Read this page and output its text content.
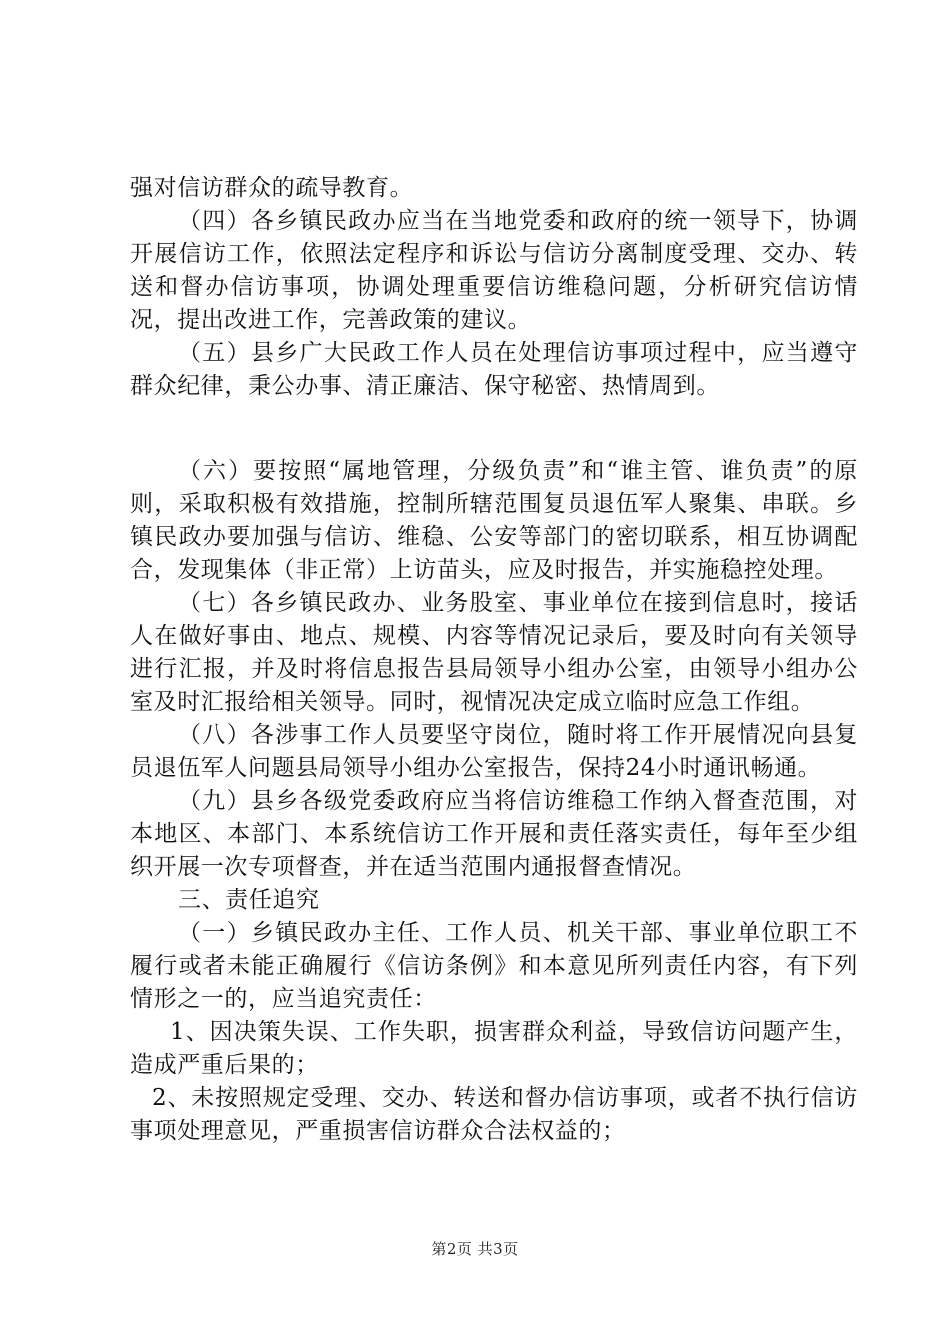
强对信访群众的疏导教育。

（四）各乡镇民政办应当在当地党委和政府的统一领导下，协调开展信访工作，依照法定程序和诉讼与信访分离制度受理、交办、转送和督办信访事项，协调处理重要信访维稳问题，分析研究信访情况，提出改进工作，完善政策的建议。

（五）县乡广大民政工作人员在处理信访事项过程中，应当遵守群众纪律，秉公办事、清正廉洁、保守秘密、热情周到。

（六）要按照“属地管理，分级负责”和“谁主管、谁负责”的原则，采取积极有效措施，控制所辖范围复员退伍军人聚集、串联。乡镇民政办要加强与信访、维稳、公安等部门的密切联系，相互协调配合，发现集体（非正常）上访苗头，应及时报告，并实施稳控处理。

（七）各乡镇民政办、业务股室、事业单位在接到信息时，接话人在做好事由、地点、规模、内容等情况记录后，要及时向有关领导进行汇报，并及时将信息报告县局领导小组办公室，由领导小组办公室及时汇报给相关领导。同时，视情况决定成立临时应急工作组。

（八）各涉事工作人员要坚守岗位，随时将工作开展情况向县复员退伍军人问题县局领导小组办公室报告，保持24小时通讯畅通。

（九）县乡各级党委政府应当将信访维稳工作纳入督查范围，对本地区、本部门、本系统信访工作开展和责任落实责任，每年至少组织开展一次专项督查，并在适当范围内通报督查情况。

三、责任追究

（一）乡镇民政办主任、工作人员、机关干部、事业单位职工不履行或者未能正确履行《信访条例》和本意见所列责任内容，有下列情形之一的，应当追究责任：

1、因决策失误、工作失职，损害群众利益，导致信访问题产生，造成严重后果的；

2、未按照规定受理、交办、转送和督办信访事项，或者不执行信访事项处理意见，严重损害信访群众合法权益的；

第2页 共3页
